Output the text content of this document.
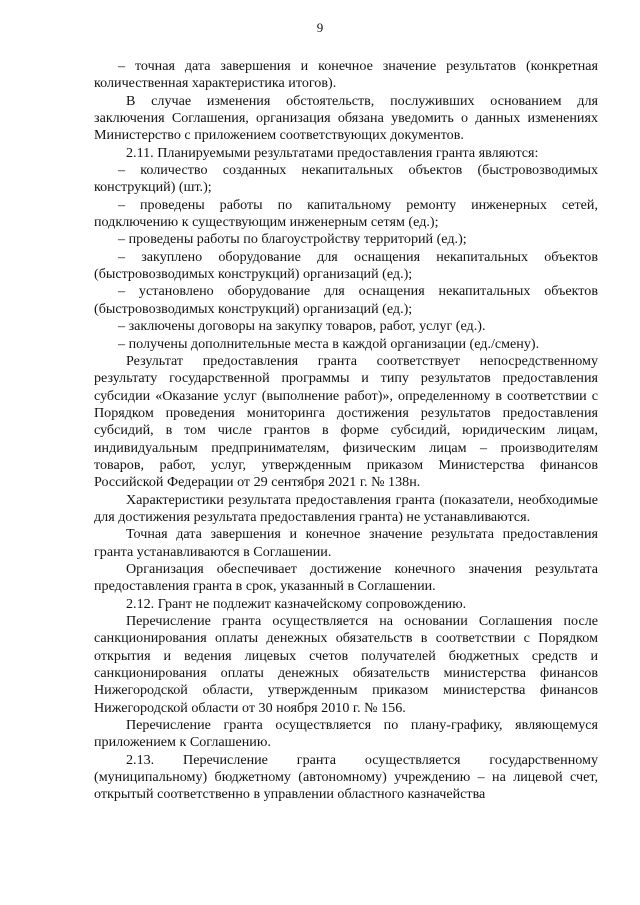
9

– точная дата завершения и конечное значение результатов (конкретная количественная характеристика итогов).

В случае изменения обстоятельств, послуживших основанием для заключения Соглашения, организация обязана уведомить о данных изменениях Министерство с приложением соответствующих документов.

2.11. Планируемыми результатами предоставления гранта являются:

– количество созданных некапитальных объектов (быстровозводимых конструкций) (шт.);

– проведены работы по капитальному ремонту инженерных сетей, подключению к существующим инженерным сетям (ед.);

– проведены работы по благоустройству территорий (ед.);

– закуплено оборудование для оснащения некапитальных объектов (быстровозводимых конструкций) организаций (ед.);

– установлено оборудование для оснащения некапитальных объектов (быстровозводимых конструкций) организаций (ед.);

– заключены договоры на закупку товаров, работ, услуг (ед.).

– получены дополнительные места в каждой организации (ед./смену).

Результат предоставления гранта соответствует непосредственному результату государственной программы и типу результатов предоставления субсидии «Оказание услуг (выполнение работ)», определенному в соответствии с Порядком проведения мониторинга достижения результатов предоставления субсидий, в том числе грантов в форме субсидий, юридическим лицам, индивидуальным предпринимателям, физическим лицам – производителям товаров, работ, услуг, утвержденным приказом Министерства финансов Российской Федерации от 29 сентября 2021 г. № 138н.

Характеристики результата предоставления гранта (показатели, необходимые для достижения результата предоставления гранта) не устанавливаются.

Точная дата завершения и конечное значение результата предоставления гранта устанавливаются в Соглашении.

Организация обеспечивает достижение конечного значения результата предоставления гранта в срок, указанный в Соглашении.

2.12. Грант не подлежит казначейскому сопровождению.

Перечисление гранта осуществляется на основании Соглашения после санкционирования оплаты денежных обязательств в соответствии с Порядком открытия и ведения лицевых счетов получателей бюджетных средств и санкционирования оплаты денежных обязательств министерства финансов Нижегородской области, утвержденным приказом министерства финансов Нижегородской области от 30 ноября 2010 г. № 156.

Перечисление гранта осуществляется по плану-графику, являющемуся приложением к Соглашению.

2.13. Перечисление гранта осуществляется государственному (муниципальному) бюджетному (автономному) учреждению – на лицевой счет, открытый соответственно в управлении областного казначейства
